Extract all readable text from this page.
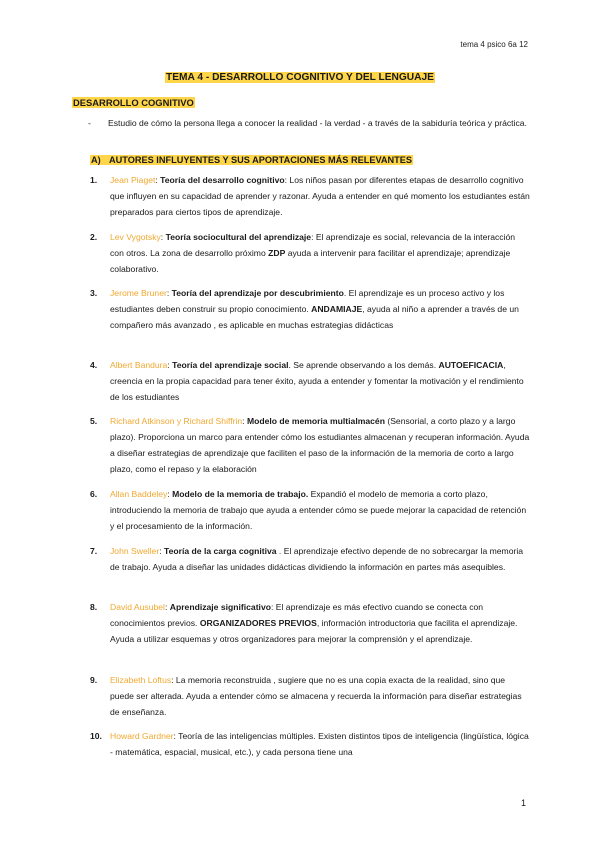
tema 4 psico 6a 12
TEMA 4 - DESARROLLO COGNITIVO Y DEL LENGUAJE
DESARROLLO COGNITIVO
- Estudio de cómo la persona llega a conocer la realidad - la verdad - a través de la sabiduría teórica y práctica.
A) AUTORES INFLUYENTES Y SUS APORTACIONES MÁS RELEVANTES
1.	Jean Piaget: Teoría del desarrollo cognitivo: Los niños pasan por diferentes etapas de desarrollo cognitivo que influyen en su capacidad de aprender y razonar. Ayuda a entender en qué momento los estudiantes están preparados para ciertos tipos de aprendizaje.
2.	Lev Vygotsky: Teoría sociocultural del aprendizaje: El aprendizaje es social, relevancia de la interacción con otros. La zona de desarrollo próximo ZDP ayuda a intervenir para facilitar el aprendizaje; aprendizaje colaborativo.
3.	Jerome Bruner: Teoría del aprendizaje por descubrimiento. El aprendizaje es un proceso activo y los estudiantes deben construir su propio conocimiento. ANDAMIAJE, ayuda al niño a aprender a través de un compañero más avanzado , es aplicable en muchas estrategias didácticas
4.	Albert Bandura: Teoría del aprendizaje social. Se aprende observando a los demás. AUTOEFICACIA, creencia en la propia capacidad para tener éxito, ayuda a entender y fomentar la motivación y el rendimiento de los estudiantes
5.	Richard Atkinson y Richard Shiffrin: Modelo de memoria multialmacén (Sensorial, a corto plazo y a largo plazo). Proporciona un marco para entender cómo los estudiantes almacenan y recuperan información. Ayuda a diseñar estrategias de aprendizaje que faciliten el paso de la información de la memoria de corto a largo plazo, como el repaso y la elaboración
6.	Allan Baddeley: Modelo de la memoria de trabajo. Expandió el modelo de memoria a corto plazo, introduciendo la memoria de trabajo que ayuda a entender cómo se puede mejorar la capacidad de retención y el procesamiento de la información.
7.	John Sweller: Teoría de la carga cognitiva . El aprendizaje efectivo depende de no sobrecargar la memoria de trabajo. Ayuda a diseñar las unidades didácticas dividiendo la información en partes más asequibles.
8.	David Ausubel: Aprendizaje significativo: El aprendizaje es más efectivo cuando se conecta con conocimientos previos. ORGANIZADORES PREVIOS, información introductoria que facilita el aprendizaje. Ayuda a utilizar esquemas y otros organizadores para mejorar la comprensión y el aprendizaje.
9.	Elizabeth Loftus: La memoria reconstruida , sugiere que no es una copia exacta de la realidad, sino que puede ser alterada. Ayuda a entender cómo se almacena y recuerda la información para diseñar estrategias de enseñanza.
10. Howard Gardner: Teoría de las inteligencias múltiples. Existen distintos tipos de inteligencia (lingüística, lógica - matemática, espacial, musical, etc.), y cada persona tiene una
1
